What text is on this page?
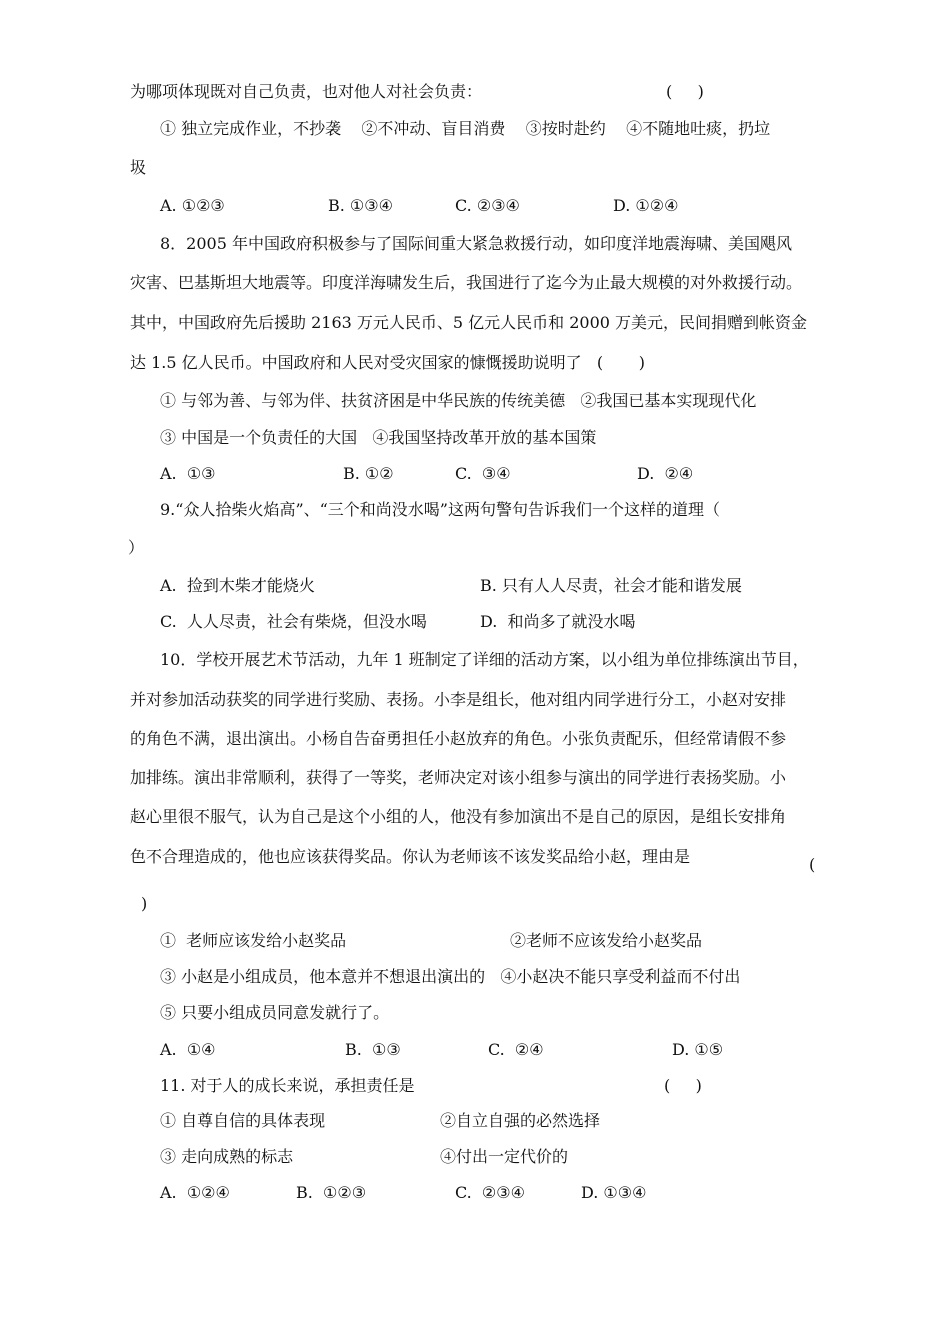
为哪项体现既对自己负责，也对他人对社会负责：	(     )
① 独立完成作业，不抄袭    ②不冲动、盲目消费    ③按时赴约    ④不随地吐痰，扔垃
圾
A. ①②③	B. ①③④	C. ②③④	D. ①②④
8．2005 年中国政府积极参与了国际间重大紧急救援行动，如印度洋地震海啸、美国飓风
灾害、巴基斯坦大地震等。印度洋海啸发生后，我国进行了迄今为止最大规模的对外救援行动。
其中，中国政府先后援助 2163 万元人民币、5 亿元人民币和 2000 万美元，民间捐赠到帐资金
达 1.5 亿人民币。中国政府和人民对受灾国家的慷慨援助说明了   (       )
① 与邻为善、与邻为伴、扶贫济困是中华民族的传统美德   ②我国已基本实现现代化
③ 中国是一个负责任的大国   ④我国坚持改革开放的基本国策
A.  ①③	B. ①②	C.  ③④	D.  ②④
9.“众人拾柴火焰高”、“三个和尚没水喝”这两句警句告诉我们一个这样的道理（
）
A.  捡到木柴才能烧火	B. 只有人人尽责，社会才能和谐发展
C.  人人尽责，社会有柴烧，但没水喝	D.  和尚多了就没水喝
10．学校开展艺术节活动，九年 1 班制定了详细的活动方案，以小组为单位排练演出节目，
并对参加活动获奖的同学进行奖励、表扬。小李是组长，他对组内同学进行分工，小赵对安排
的角色不满，退出演出。小杨自告奋勇担任小赵放弃的角色。小张负责配乐，但经常请假不参
加排练。演出非常顺利，获得了一等奖，老师决定对该小组参与演出的同学进行表扬奖励。小
赵心里很不服气，认为自己是这个小组的人，他没有参加演出不是自己的原因，是组长安排角
色不合理造成的，他也应该获得奖品。你认为老师该不该发奖品给小赵，理由是	(
)
①  老师应该发给小赵奖品	②老师不应该发给小赵奖品
③ 小赵是小组成员，他本意并不想退出演出的   ④小赵决不能只享受利益而不付出
⑤ 只要小组成员同意发就行了。
A.  ①④	B.  ①③	C.  ②④	D. ①⑤
11. 对于人的成长来说，承担责任是	(     )
① 自尊自信的具体表现	②自立自强的必然选择
③ 走向成熟的标志	④付出一定代价的
A.  ①②④	B.  ①②③	C.  ②③④	D. ①③④
